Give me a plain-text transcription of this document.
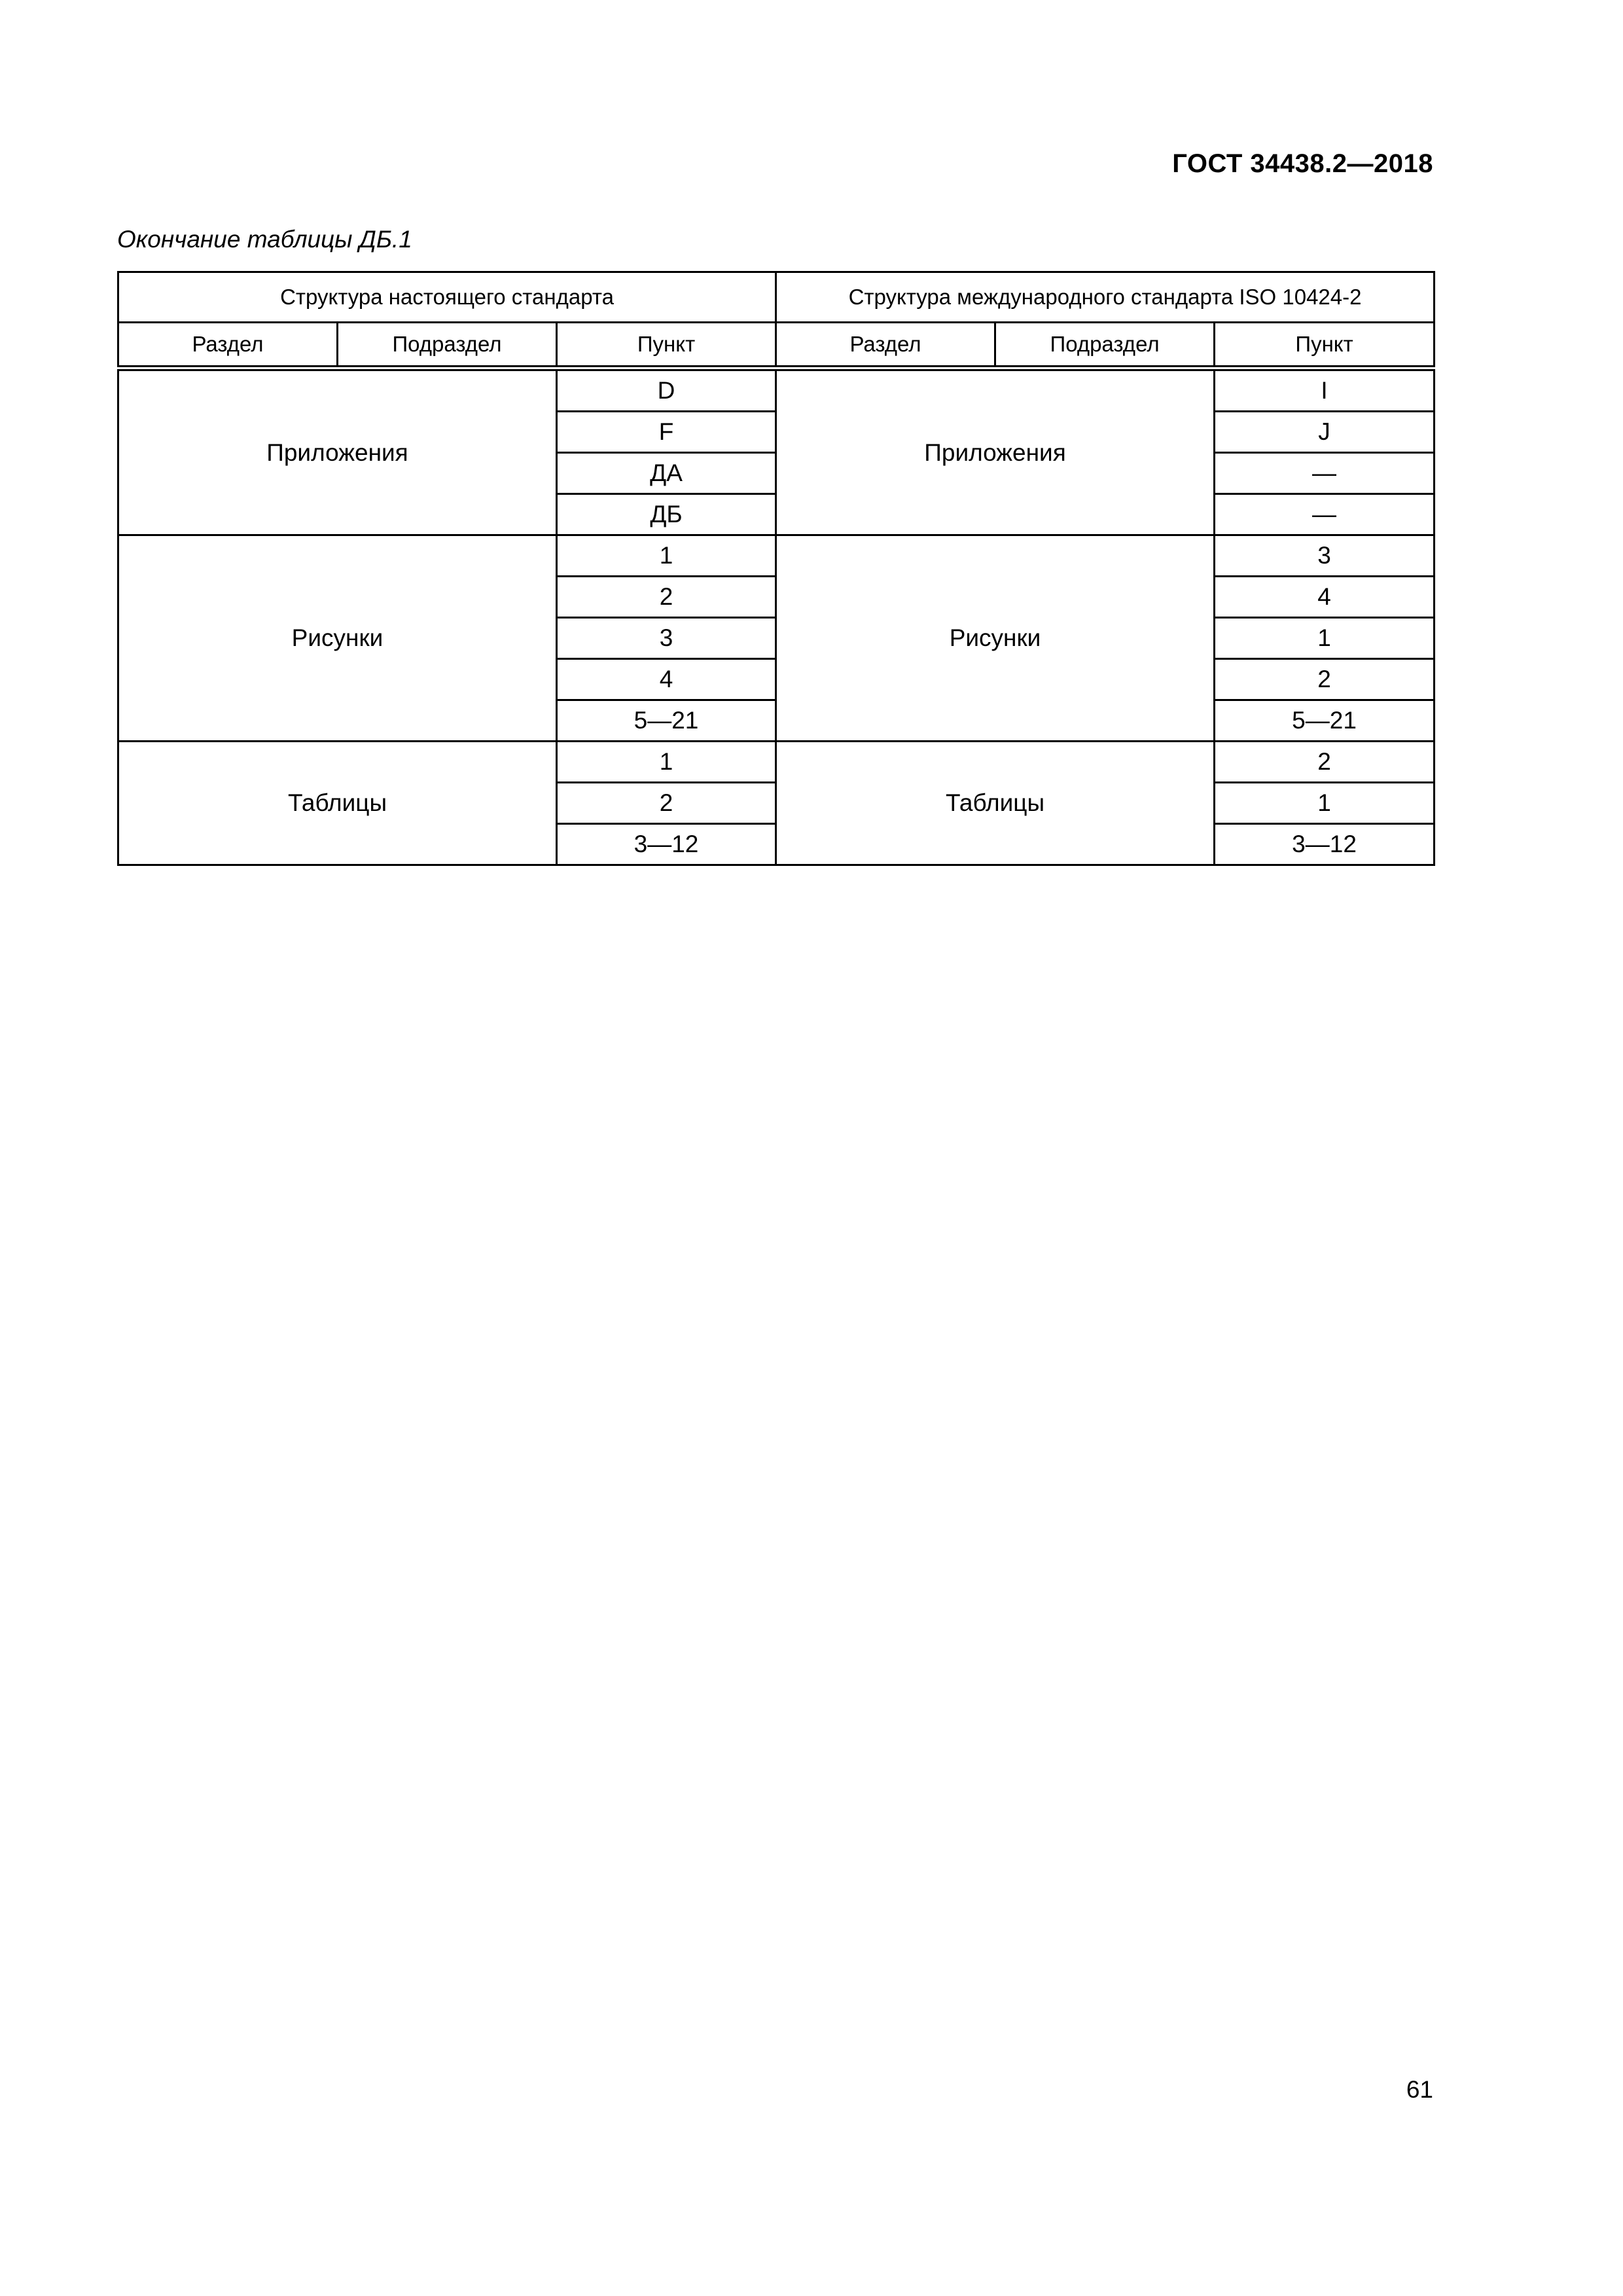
ГОСТ 34438.2—2018
Окончание таблицы ДБ.1
Структура настоящего стандарта			Структура международного стандарта ISO 10424-2		
Раздел	Подраздел	Пункт	Раздел	Подраздел	Пункт
Приложения		D	Приложения		I
		F			J
		ДА			—
		ДБ			—
Рисунки		1	Рисунки		3
		2			4
		3			1
		4			2
		5—21			5—21
Таблицы		1	Таблицы		2
		2			1
		3—12			3—12
61
